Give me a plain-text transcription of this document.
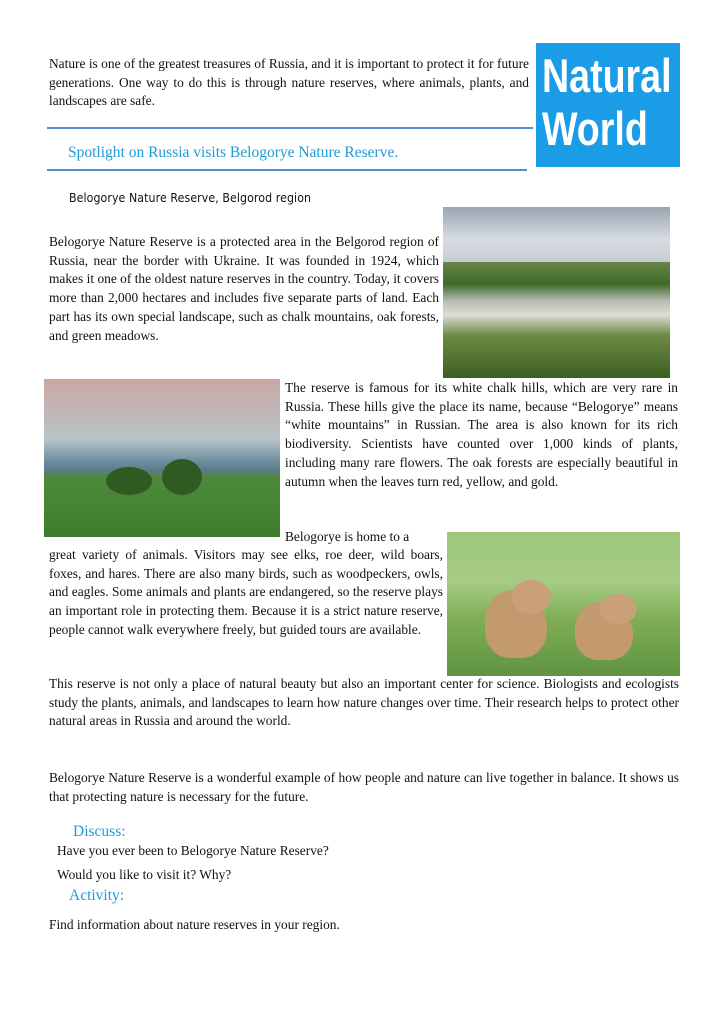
Nature is one of the greatest treasures of Russia, and it is important to protect it for future generations. One way to do this is through nature reserves, where animals, plants, and landscapes are safe.	Natural
World
Spotlight on Russia visits Belogorye Nature Reserve.
Belogorye Nature Reserve, Belgorod region

Belogorye Nature Reserve is a protected area in the Belgorod region of Russia, near the border with Ukraine. It was founded in 1924, which makes it one of the oldest nature reserves in the country. Today, it covers more than 2,000 hectares and includes five separate parts of land. Each part has its own special landscape, such as chalk mountains, oak forests, and green meadows.

The reserve is famous for its white chalk hills, which are very rare in Russia. These hills give the place its name, because “Belogorye” means “white mountains” in Russian. The area is also known for its rich biodiversity. Scientists have counted over 1,000 kinds of plants, including many rare flowers. The oak forests are especially beautiful in autumn when the leaves turn red, yellow, and gold.

Belogorye is home to a

great variety of animals. Visitors may see elks, roe deer, wild boars, foxes, and hares. There are also many birds, such as woodpeckers, owls, and eagles. Some animals and plants are endangered, so the reserve plays an important role in protecting them. Because it is a strict nature reserve, people cannot walk everywhere freely, but guided tours are available.

This reserve is not only a place of natural beauty but also an important center for science. Biologists and ecologists study the plants, animals, and landscapes to learn how nature changes over time. Their research helps to protect other natural areas in Russia and around the world.

Belogorye Nature Reserve is a wonderful example of how people and nature can live together in balance. It shows us that protecting nature is necessary for the future.

Discuss:
Have you ever been to Belogorye Nature Reserve?
Would you like to visit it? Why?
Activity:
Find information about nature reserves in your region.
